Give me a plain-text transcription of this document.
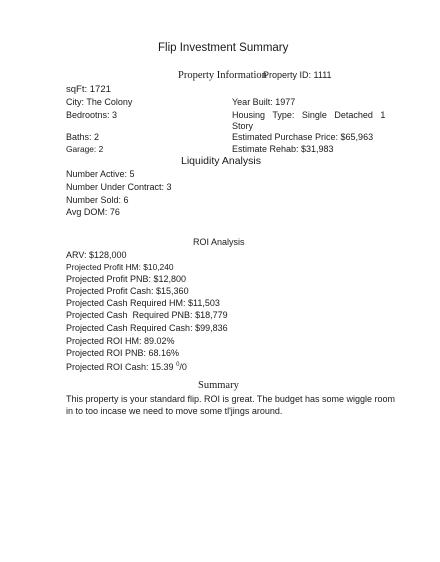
Flip Investment Summary
Property Information
Property ID: 1111
sqFt: 1721
City: The Colony
Bedrootns: 3
Baths: 2
Garage: 2
Year Built: 1977
Housing   Type:   Single   Detached   1
Story
Estimated Purchase Price: $65,963
Estimate Rehab: $31,983
Liquidity Analysis
Number Active: 5
Number Under Contract: 3
Number Sold: 6
Avg DOM: 76
ROI Analysis
ARV: $128,000
Projected Profit HM: $10,240
Projected Profit PNB: $12,800
Projected Profit Cash: $15,360
Projected Cash Required HM: $11,503
Projected Cash  Required PNB: $18,779
Projected Cash Required Cash: $99,836
Projected ROI HM: 89.02%
Projected ROI PNB: 68.16%
Projected ROI Cash: 15.39 $^0$/0
Summary
This property is your standard flip. ROI is great. The budget has some wiggle room
in to too incase we need to move some tl'jings around.
